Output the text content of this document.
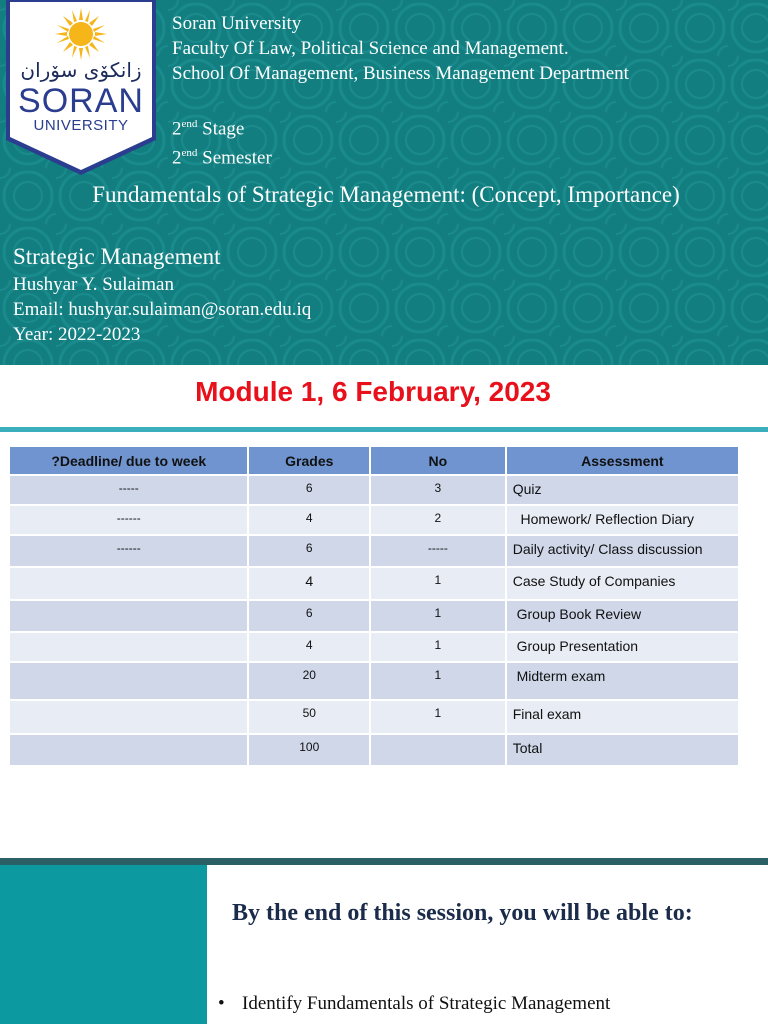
زانكۆی سۆران
SORAN
UNIVERSITY
Soran University
Faculty Of Law, Political Science and Management.
School Of Management, Business Management Department
$2^{end}$ Stage
$2^{end}$ Semester
Fundamentals of Strategic Management: (Concept, Importance)
Strategic Management
Hushyar Y. Sulaiman
Email: hushyar.sulaiman@soran.edu.iq
Year: 2022-2023
Module 1, 6 February, 2023
?Deadline/ due to week	Grades	No	Assessment
-----	6	3	Quiz
------	4	2	Homework/ Reflection Diary
------	6	-----	Daily activity/ Class discussion
	4	1	Case Study of Companies
	6	1	Group Book Review
	4	1	Group Presentation
	20	1	Midterm exam
	50	1	Final exam
	100		Total
By the end of this session, you will be able to:
• Identify Fundamentals of Strategic Management
